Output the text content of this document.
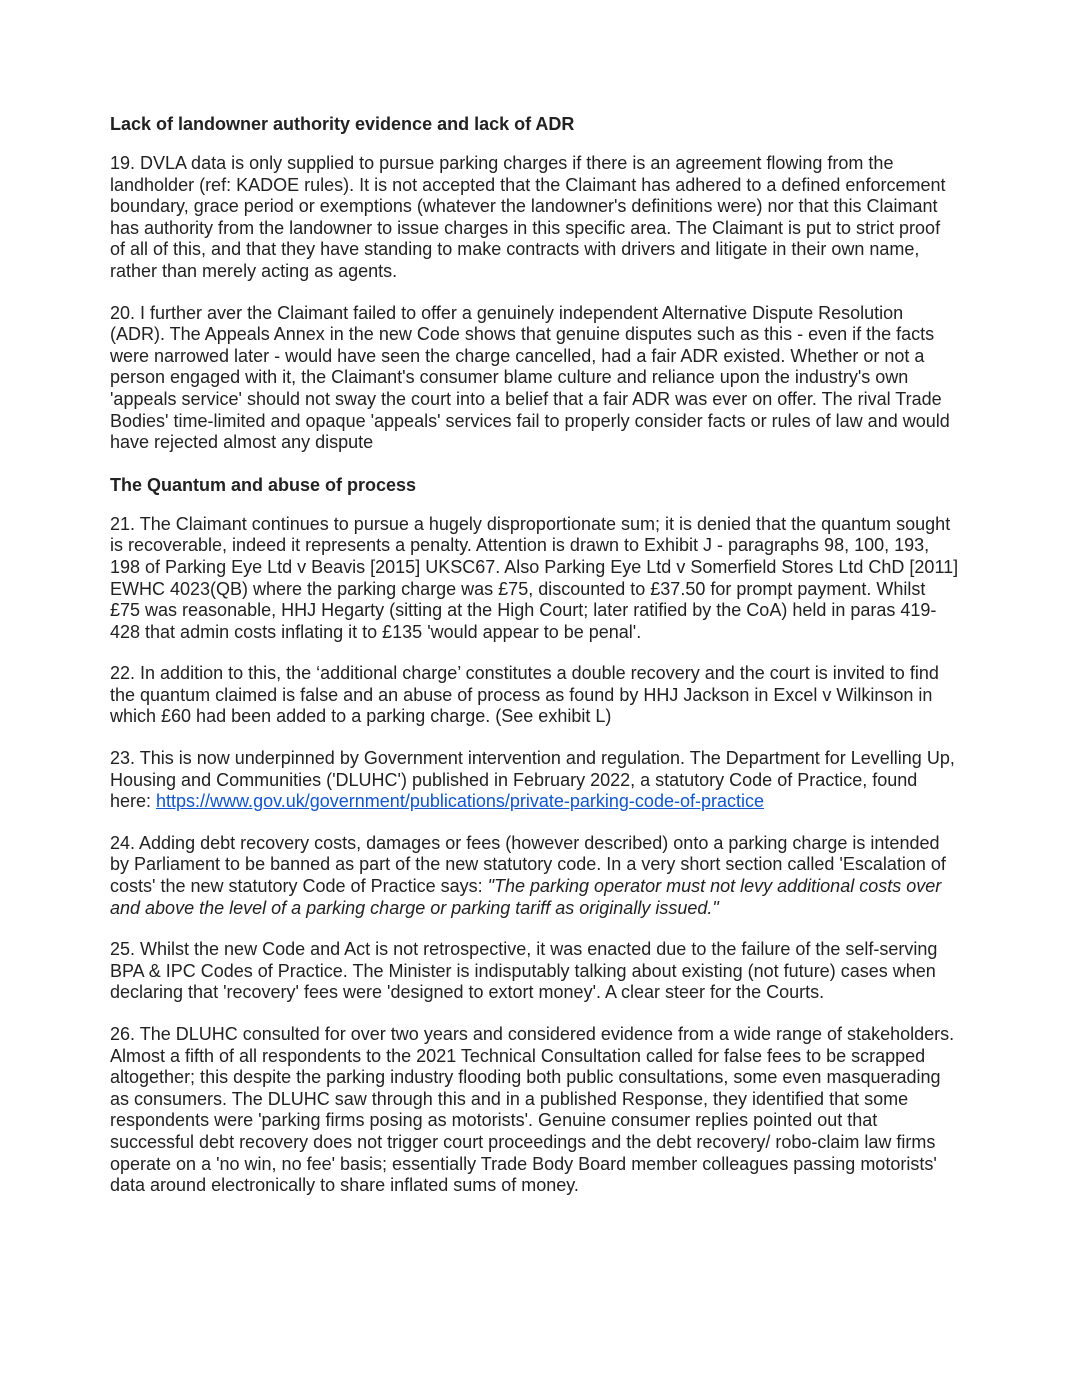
Lack of landowner authority evidence and lack of ADR

19. DVLA data is only supplied to pursue parking charges if there is an agreement flowing from the landholder (ref: KADOE rules). It is not accepted that the Claimant has adhered to a defined enforcement boundary, grace period or exemptions (whatever the landowner's definitions were) nor that this Claimant has authority from the landowner to issue charges in this specific area. The Claimant is put to strict proof of all of this, and that they have standing to make contracts with drivers and litigate in their own name, rather than merely acting as agents.

20. I further aver the Claimant failed to offer a genuinely independent Alternative Dispute Resolution (ADR). The Appeals Annex in the new Code shows that genuine disputes such as this - even if the facts were narrowed later - would have seen the charge cancelled, had a fair ADR existed. Whether or not a person engaged with it, the Claimant's consumer blame culture and reliance upon the industry's own 'appeals service' should not sway the court into a belief that a fair ADR was ever on offer. The rival Trade Bodies' time-limited and opaque 'appeals' services fail to properly consider facts or rules of law and would have rejected almost any dispute

The Quantum and abuse of process

21. The Claimant continues to pursue a hugely disproportionate sum; it is denied that the quantum sought is recoverable, indeed it represents a penalty. Attention is drawn to Exhibit J - paragraphs 98, 100, 193, 198 of Parking Eye Ltd v Beavis [2015] UKSC67. Also Parking Eye Ltd v Somerfield Stores Ltd ChD [2011] EWHC 4023(QB) where the parking charge was £75, discounted to £37.50 for prompt payment. Whilst £75 was reasonable, HHJ Hegarty (sitting at the High Court; later ratified by the CoA) held in paras 419-428 that admin costs inflating it to £135 'would appear to be penal'.

22. In addition to this, the ‘additional charge’ constitutes a double recovery and the court is invited to find the quantum claimed is false and an abuse of process as found by HHJ Jackson in Excel v Wilkinson in which £60 had been added to a parking charge. (See exhibit L)

23. This is now underpinned by Government intervention and regulation. The Department for Levelling Up, Housing and Communities ('DLUHC') published in February 2022, a statutory Code of Practice, found here: https://www.gov.uk/government/publications/private-parking-code-of-practice

24. Adding debt recovery costs, damages or fees (however described) onto a parking charge is intended by Parliament to be banned as part of the new statutory code. In a very short section called 'Escalation of costs' the new statutory Code of Practice says: "The parking operator must not levy additional costs over and above the level of a parking charge or parking tariff as originally issued."

25. Whilst the new Code and Act is not retrospective, it was enacted due to the failure of the self-serving BPA & IPC Codes of Practice. The Minister is indisputably talking about existing (not future) cases when declaring that 'recovery' fees were 'designed to extort money'. A clear steer for the Courts.

26. The DLUHC consulted for over two years and considered evidence from a wide range of stakeholders. Almost a fifth of all respondents to the 2021 Technical Consultation called for false fees to be scrapped altogether; this despite the parking industry flooding both public consultations, some even masquerading as consumers. The DLUHC saw through this and in a published Response, they identified that some respondents were 'parking firms posing as motorists'. Genuine consumer replies pointed out that successful debt recovery does not trigger court proceedings and the debt recovery/ robo-claim law firms operate on a 'no win, no fee' basis; essentially Trade Body Board member colleagues passing motorists' data around electronically to share inflated sums of money.
